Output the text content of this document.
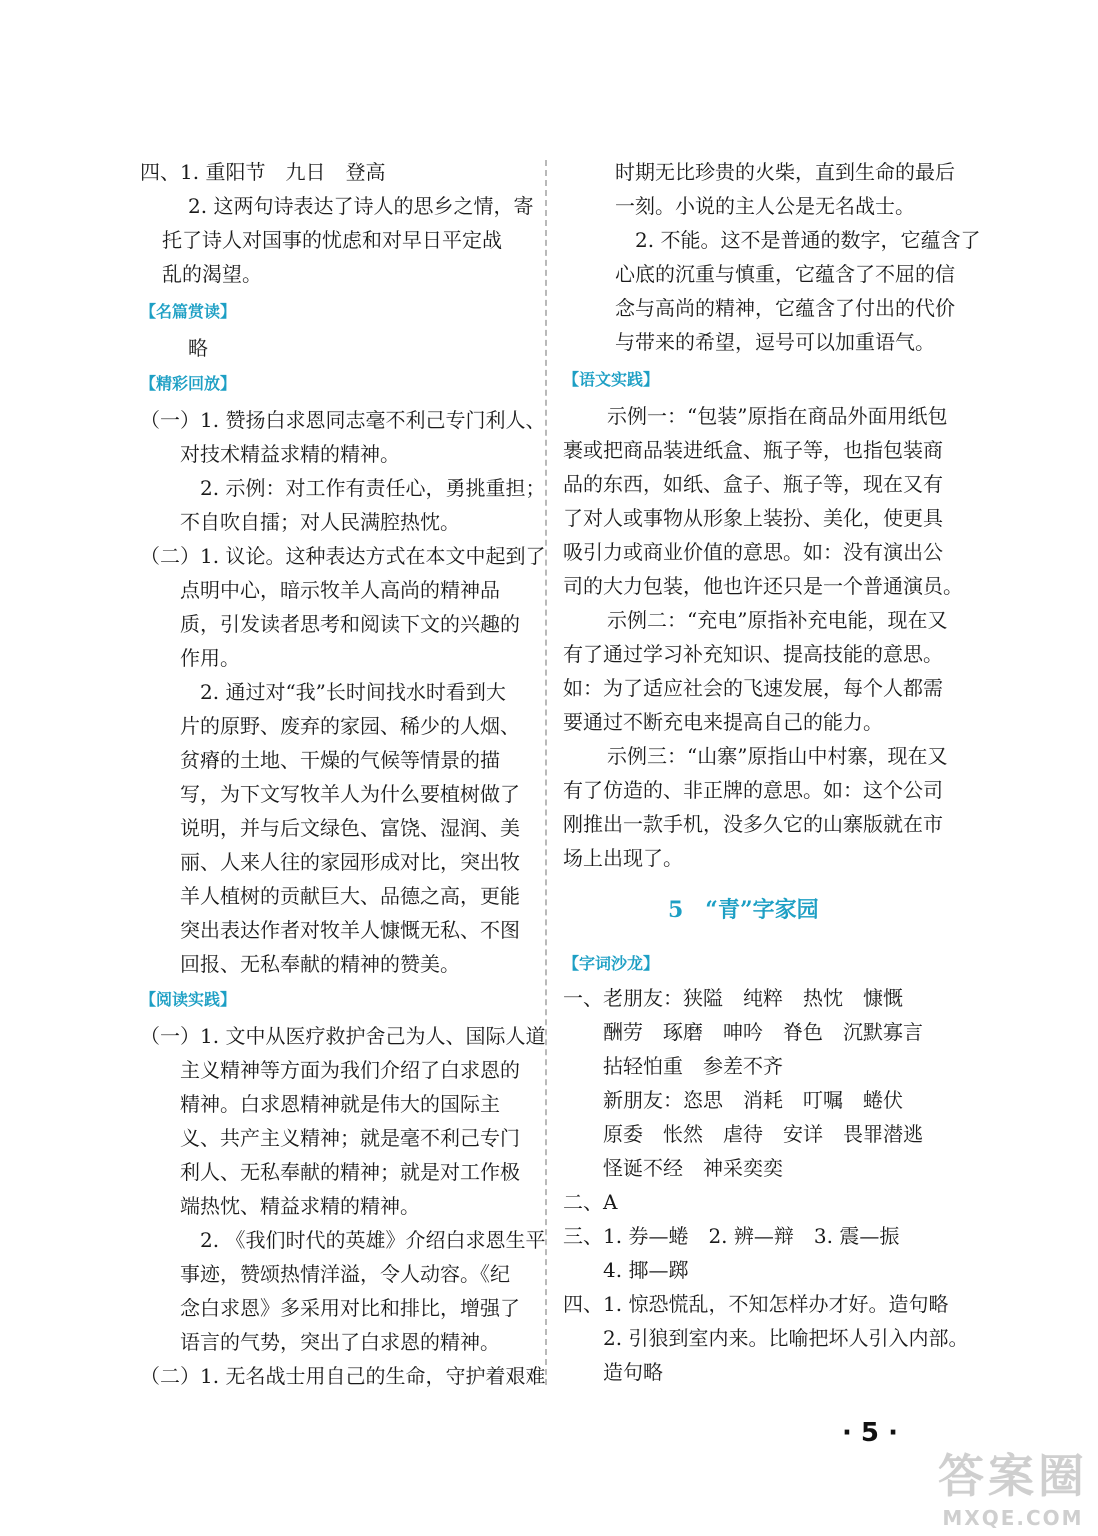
四、1. 重阳节　九日　登高
2. 这两句诗表达了诗人的思乡之情，寄
托了诗人对国事的忧虑和对早日平定战
乱的渴望。
【名篇赏读】
略
【精彩回放】
（一）1. 赞扬白求恩同志毫不利己专门利人、
对技术精益求精的精神。
2. 示例：对工作有责任心，勇挑重担；
不自吹自擂；对人民满腔热忱。
（二）1. 议论。这种表达方式在本文中起到了
点明中心，暗示牧羊人高尚的精神品
质，引发读者思考和阅读下文的兴趣的
作用。
2. 通过对“我”长时间找水时看到大
片的原野、废弃的家园、稀少的人烟、
贫瘠的土地、干燥的气候等情景的描
写，为下文写牧羊人为什么要植树做了
说明，并与后文绿色、富饶、湿润、美
丽、人来人往的家园形成对比，突出牧
羊人植树的贡献巨大、品德之高，更能
突出表达作者对牧羊人慷慨无私、不图
回报、无私奉献的精神的赞美。
【阅读实践】
（一）1. 文中从医疗救护舍己为人、国际人道
主义精神等方面为我们介绍了白求恩的
精神。白求恩精神就是伟大的国际主
义、共产主义精神；就是毫不利己专门
利人、无私奉献的精神；就是对工作极
端热忱、精益求精的精神。
2. 《我们时代的英雄》介绍白求恩生平
事迹，赞颂热情洋溢，令人动容。《纪
念白求恩》多采用对比和排比，增强了
语言的气势，突出了白求恩的精神。
（二）1. 无名战士用自己的生命，守护着艰难
时期无比珍贵的火柴，直到生命的最后
一刻。小说的主人公是无名战士。
2. 不能。这不是普通的数字，它蕴含了
心底的沉重与慎重，它蕴含了不屈的信
念与高尚的精神，它蕴含了付出的代价
与带来的希望，逗号可以加重语气。
【语文实践】
示例一：“包装”原指在商品外面用纸包
裹或把商品装进纸盒、瓶子等，也指包装商
品的东西，如纸、盒子、瓶子等，现在又有
了对人或事物从形象上装扮、美化，使更具
吸引力或商业价值的意思。如：没有演出公
司的大力包装，他也许还只是一个普通演员。
示例二：“充电”原指补充电能，现在又
有了通过学习补充知识、提高技能的意思。
如：为了适应社会的飞速发展，每个人都需
要通过不断充电来提高自己的能力。
示例三：“山寨”原指山中村寨，现在又
有了仿造的、非正牌的意思。如：这个公司
刚推出一款手机，没多久它的山寨版就在市
场上出现了。
5　“青”字家园
【字词沙龙】
一、老朋友：狭隘　纯粹　热忱　慷慨
酬劳　琢磨　呻吟　脊色　沉默寡言
拈轻怕重　参差不齐
新朋友：恣思　消耗　叮嘱　蜷伏
原委　怅然　虐待　安详　畏罪潜逃
怪诞不经　神采奕奕
二、A
三、1. 券—蜷　2. 辨—辩　3. 震—振
4. 揶—踯
四、1. 惊恐慌乱，不知怎样办才好。造句略
2. 引狼到室内来。比喻把坏人引入内部。
造句略
· 5 ·
答案圈
MXQE.COM
